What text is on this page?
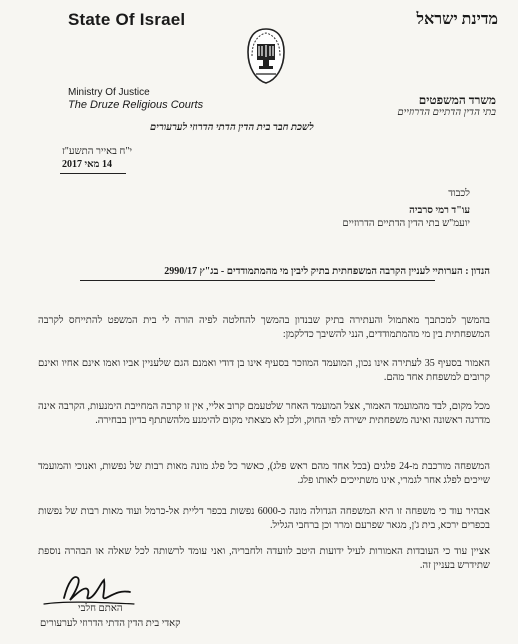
State Of Israel	מדינת ישראל
Ministry Of Justice
The Druze Religious Courts	משרד המשפטים
בתי הדין הדתיים הדרוזיים
לשכת חבר בית הדין הדתי הדרוזי לערעורים
י"ח באייר התשע"ז
14 מאי 2017
לכבוד
עו"ד רמי סרביה
יועמ"ש בתי הדין הדתיים הדרוזיים
הנדון : הערותיי לעניין הקרבה המשפחתית בתיק ליבין מי מהמתמודדים - בג"ץ 2990/17
בהמשך למכתבך מאתמול והעתירה בתיק שבנדון בהמשך להחלטה לפיה הורה לי בית המשפט להתייחס לקרבה המשפחתית בין מי מהמתמודדים, הנני להשיבך כדלקמן:
האמור בסעיף 35 לעתירה אינו נכון, המועמד המוזכר בסעיף אינו בן דודי ואמנם הגם שלעניין אביו ואמו אינם אחיו ואינם קרובים למשפחת אחד מהם.
מכל מקום, לבד מהמועמד האמור, אצל המועמד האחר שלטעמם קרוב אליי, אין זו קרבה המחייבת הימנעות, הקרבה אינה מדרגה ראשונה ואינה משפחתית ישירה לפי החוק, ולכן לא מצאתי מקום להימנע מלהשתתף בדיון בבחירה.
המשפחה מורכבת מ-24 פלגים (בכל אחד מהם ראש פלג), כאשר כל פלג מונה מאות רבות של נפשות, ואנוכי והמועמד שייכים לפלג אחר לגמרי, אינו משתייכים לאותו פלג.
אבהיר עוד כי משפחה זו היא המשפחה הגדולה מונה כ-6000 נפשות בכפר דליית אל-כרמל ועוד מאות רבות של נפשות בכפרים ירכא, בית ג'ן, מגאר שפרעם ומרר וכן ברחבי הגליל.
אציין עוד כי העובדות האמורות לעיל ידועות היטב לוועדה ולחבריה, ואני עומד לרשותה לכל שאלה או הבהרה נוספת שתידרש בעניין זה.
האתם חלבי
קאדי בית הדין הדתי הדרוזי לערעורים
